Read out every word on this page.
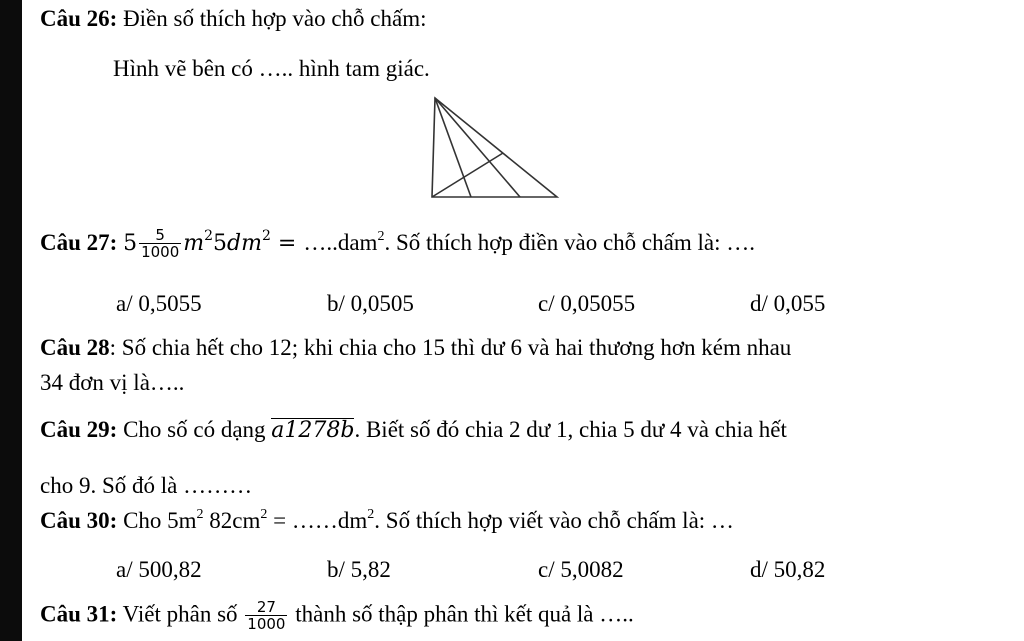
Câu 26: Điền số thích hợp vào chỗ chấm:
Hình vẽ bên có ….. hình tam giác.
Câu 27: $5 \frac{5}{1000} m^25dm^2$ = …..dam$^2$. Số thích hợp điền vào chỗ chấm là: ….
a/ 0,5055	b/ 0,0505	c/ 0,05055	d/ 0,055
Câu 28: Số chia hết cho 12; khi chia cho 15 thì dư 6 và hai thương hơn kém nhau
34 đơn vị là…..
Câu 29: Cho số có dạng a1278b. Biết số đó chia 2 dư 1, chia 5 dư 4 và chia hết
cho 9. Số đó là ………
Câu 30: Cho $5m^2$ $82cm^2$ = $\dots\dots dm^2$. Số thích hợp viết vào chỗ chấm là: …
a/ 500,82	b/ 5,82	c/ 5,0082	d/ 50,82
Câu 31: Viết phân số $\frac{27}{1000}$ thành số thập phân thì kết quả là …..
